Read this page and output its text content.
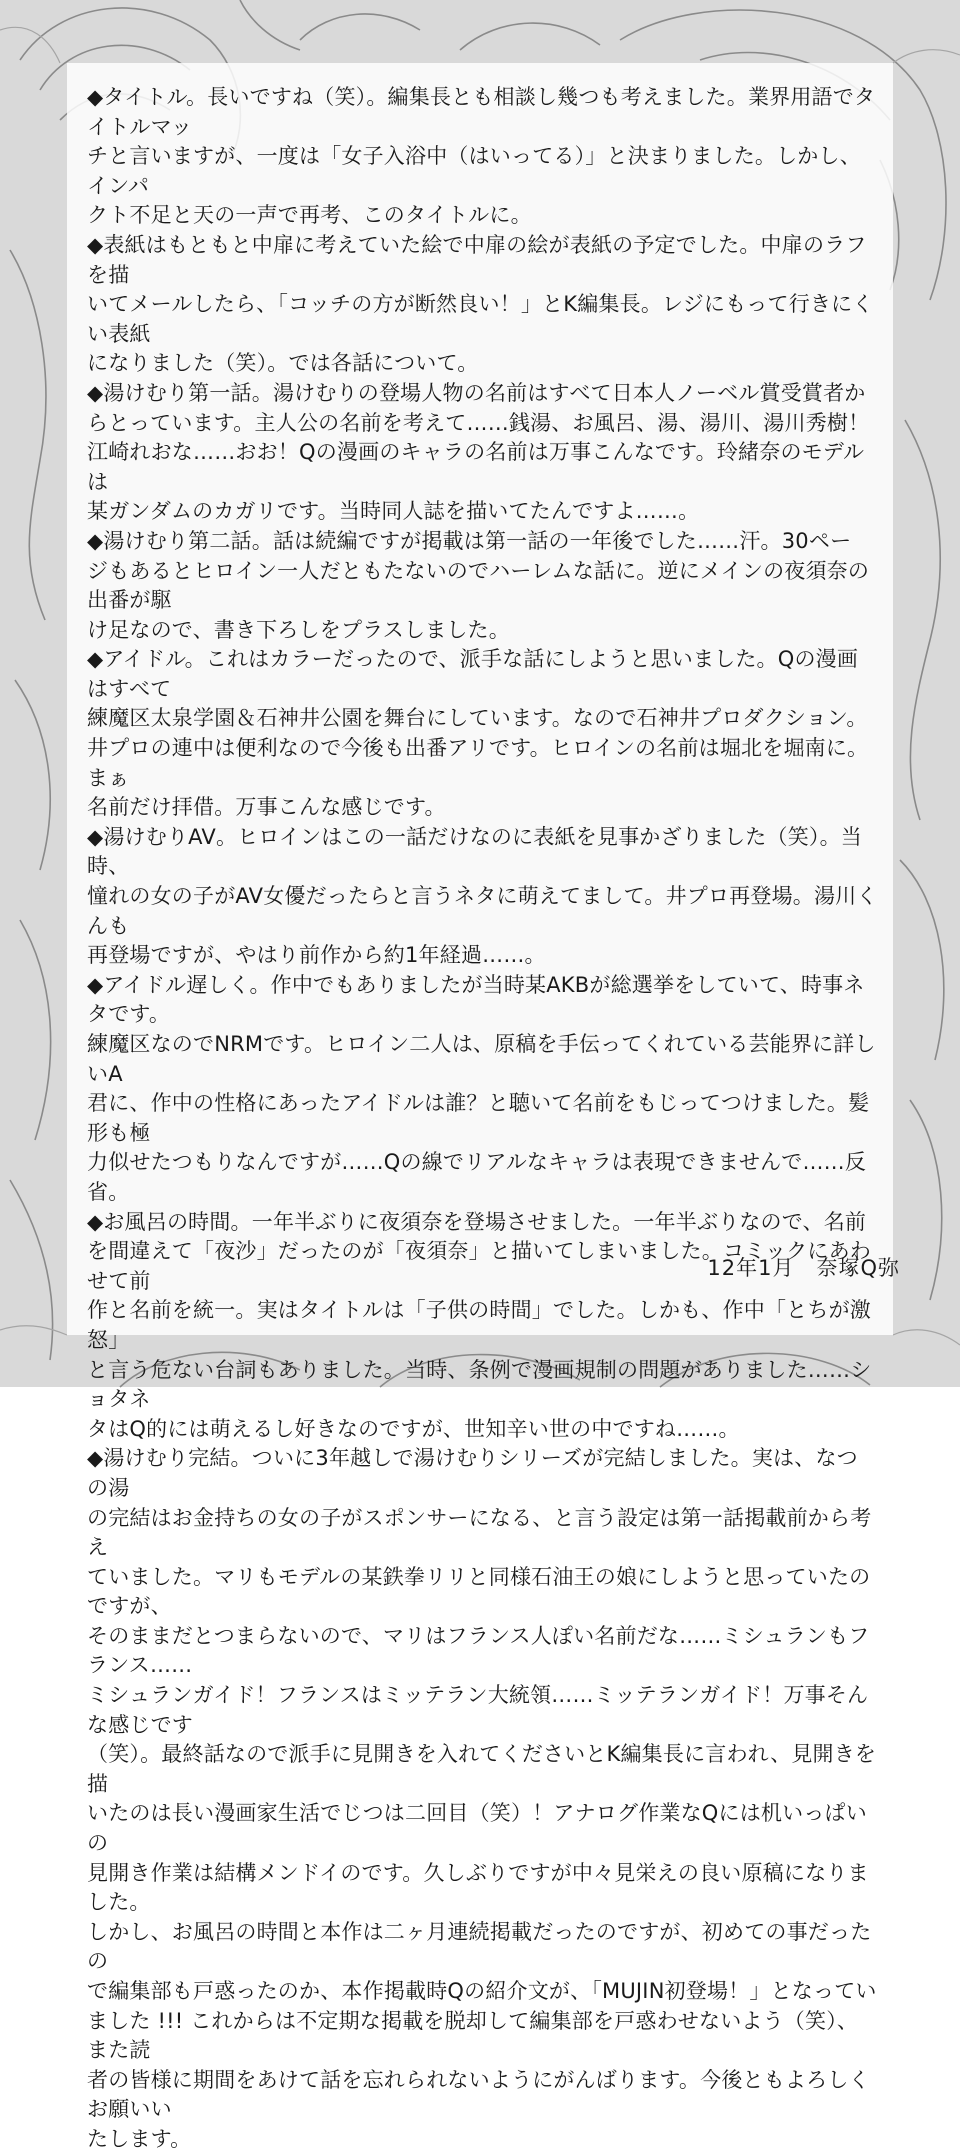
◆タイトル。長いですね（笑）。編集長とも相談し幾つも考えました。業界用語でタイトルマッ
チと言いますが、一度は「女子入浴中（はいってる）」と決まりました。しかし、インパ
クト不足と天の一声で再考、このタイトルに。

◆表紙はもともと中扉に考えていた絵で中扉の絵が表紙の予定でした。中扉のラフを描
いてメールしたら、「コッチの方が断然良い！」とK編集長。レジにもって行きにくい表紙
になりました（笑）。では各話について。

◆湯けむり第一話。湯けむりの登場人物の名前はすべて日本人ノーベル賞受賞者か
らとっています。主人公の名前を考えて……銭湯、お風呂、湯、湯川、湯川秀樹！
江崎れおな……おお！Qの漫画のキャラの名前は万事こんなです。玲緒奈のモデルは
某ガンダムのカガリです。当時同人誌を描いてたんですよ……。

◆湯けむり第二話。話は続編ですが掲載は第一話の一年後でした……汗。30ペー
ジもあるとヒロイン一人だともたないのでハーレムな話に。逆にメインの夜須奈の出番が駆
け足なので、書き下ろしをプラスしました。

◆アイドル。これはカラーだったので、派手な話にしようと思いました。Qの漫画はすべて
練魔区太泉学園＆石神井公園を舞台にしています。なので石神井プロダクション。
井プロの連中は便利なので今後も出番アリです。ヒロインの名前は堀北を堀南に。まぁ
名前だけ拝借。万事こんな感じです。

◆湯けむりAV。ヒロインはこの一話だけなのに表紙を見事かざりました（笑）。当時、
憧れの女の子がAV女優だったらと言うネタに萌えてまして。井プロ再登場。湯川くんも
再登場ですが、やはり前作から約1年経過……。

◆アイドル遅しく。作中でもありましたが当時某AKBが総選挙をしていて、時事ネタです。
練魔区なのでNRMです。ヒロイン二人は、原稿を手伝ってくれている芸能界に詳しいA
君に、作中の性格にあったアイドルは誰？と聴いて名前をもじってつけました。髪形も極
力似せたつもりなんですが……Qの線でリアルなキャラは表現できませんで……反省。

◆お風呂の時間。一年半ぶりに夜須奈を登場させました。一年半ぶりなので、名前
を間違えて「夜沙」だったのが「夜須奈」と描いてしまいました。コミックにあわせて前
作と名前を統一。実はタイトルは「子供の時間」でした。しかも、作中「とちが激怒」
と言う危ない台詞もありました。当時、条例で漫画規制の問題がありました……ショタネ
タはQ的には萌えるし好きなのですが、世知辛い世の中ですね……。

◆湯けむり完結。ついに3年越しで湯けむりシリーズが完結しました。実は、なつの湯
の完結はお金持ちの女の子がスポンサーになる、と言う設定は第一話掲載前から考え
ていました。マリもモデルの某鉄拳リリと同様石油王の娘にしようと思っていたのですが、
そのままだとつまらないので、マリはフランス人ぽい名前だな……ミシュランもフランス……
ミシュランガイド！フランスはミッテラン大統領……ミッテランガイド！万事そんな感じです
（笑）。最終話なので派手に見開きを入れてくださいとK編集長に言われ、見開きを描
いたのは長い漫画家生活でじつは二回目（笑）！アナログ作業なQには机いっぱいの
見開き作業は結構メンドイのです。久しぶりですが中々見栄えの良い原稿になりました。
しかし、お風呂の時間と本作は二ヶ月連続掲載だったのですが、初めての事だったの
で編集部も戸惑ったのか、本作掲載時Qの紹介文が、「MUJIN初登場！」となってい
ました !!! これからは不定期な掲載を脱却して編集部を戸惑わせないよう（笑）、また読
者の皆様に期間をあけて話を忘れられないようにがんばります。今後ともよろしくお願いい
たします。

12年1月　奈塚Q弥
